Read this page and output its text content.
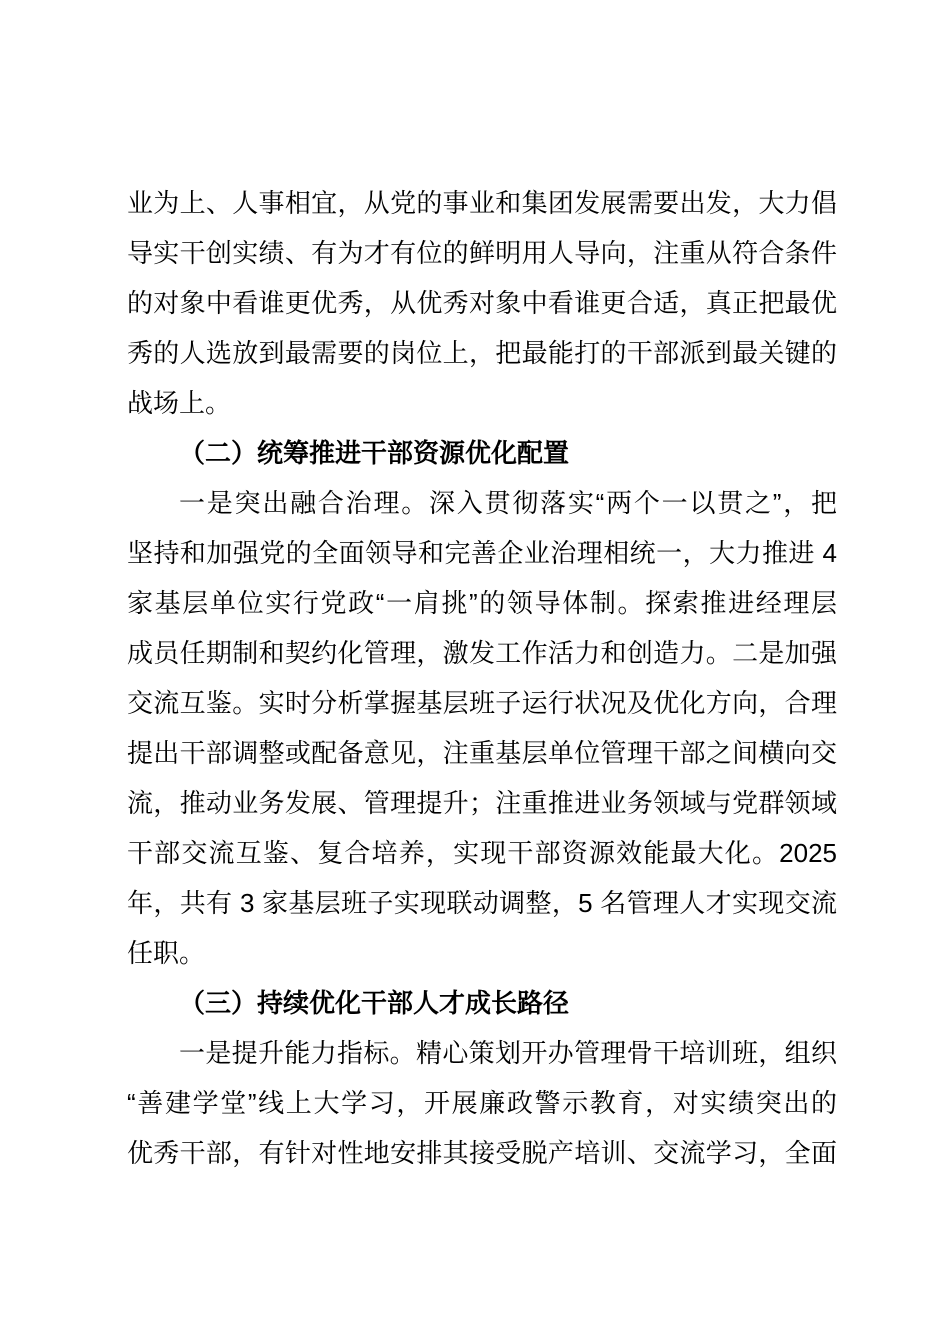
业为上、人事相宜，从党的事业和集团发展需要出发，大力倡
导实干创实绩、有为才有位的鲜明用人导向，注重从符合条件
的对象中看谁更优秀，从优秀对象中看谁更合适，真正把最优
秀的人选放到最需要的岗位上，把最能打的干部派到最关键的
战场上。
（二）统筹推进干部资源优化配置
一是突出融合治理。深入贯彻落实“两个一以贯之”，把
坚持和加强党的全面领导和完善企业治理相统一，大力推进 4
家基层单位实行党政“一肩挑”的领导体制。探索推进经理层
成员任期制和契约化管理，激发工作活力和创造力。二是加强
交流互鉴。实时分析掌握基层班子运行状况及优化方向，合理
提出干部调整或配备意见，注重基层单位管理干部之间横向交
流，推动业务发展、管理提升；注重推进业务领域与党群领域
干部交流互鉴、复合培养，实现干部资源效能最大化。2025
年，共有 3 家基层班子实现联动调整，5 名管理人才实现交流
任职。
（三）持续优化干部人才成长路径
一是提升能力指标。精心策划开办管理骨干培训班，组织
“善建学堂”线上大学习，开展廉政警示教育，对实绩突出的
优秀干部，有针对性地安排其接受脱产培训、交流学习，全面
